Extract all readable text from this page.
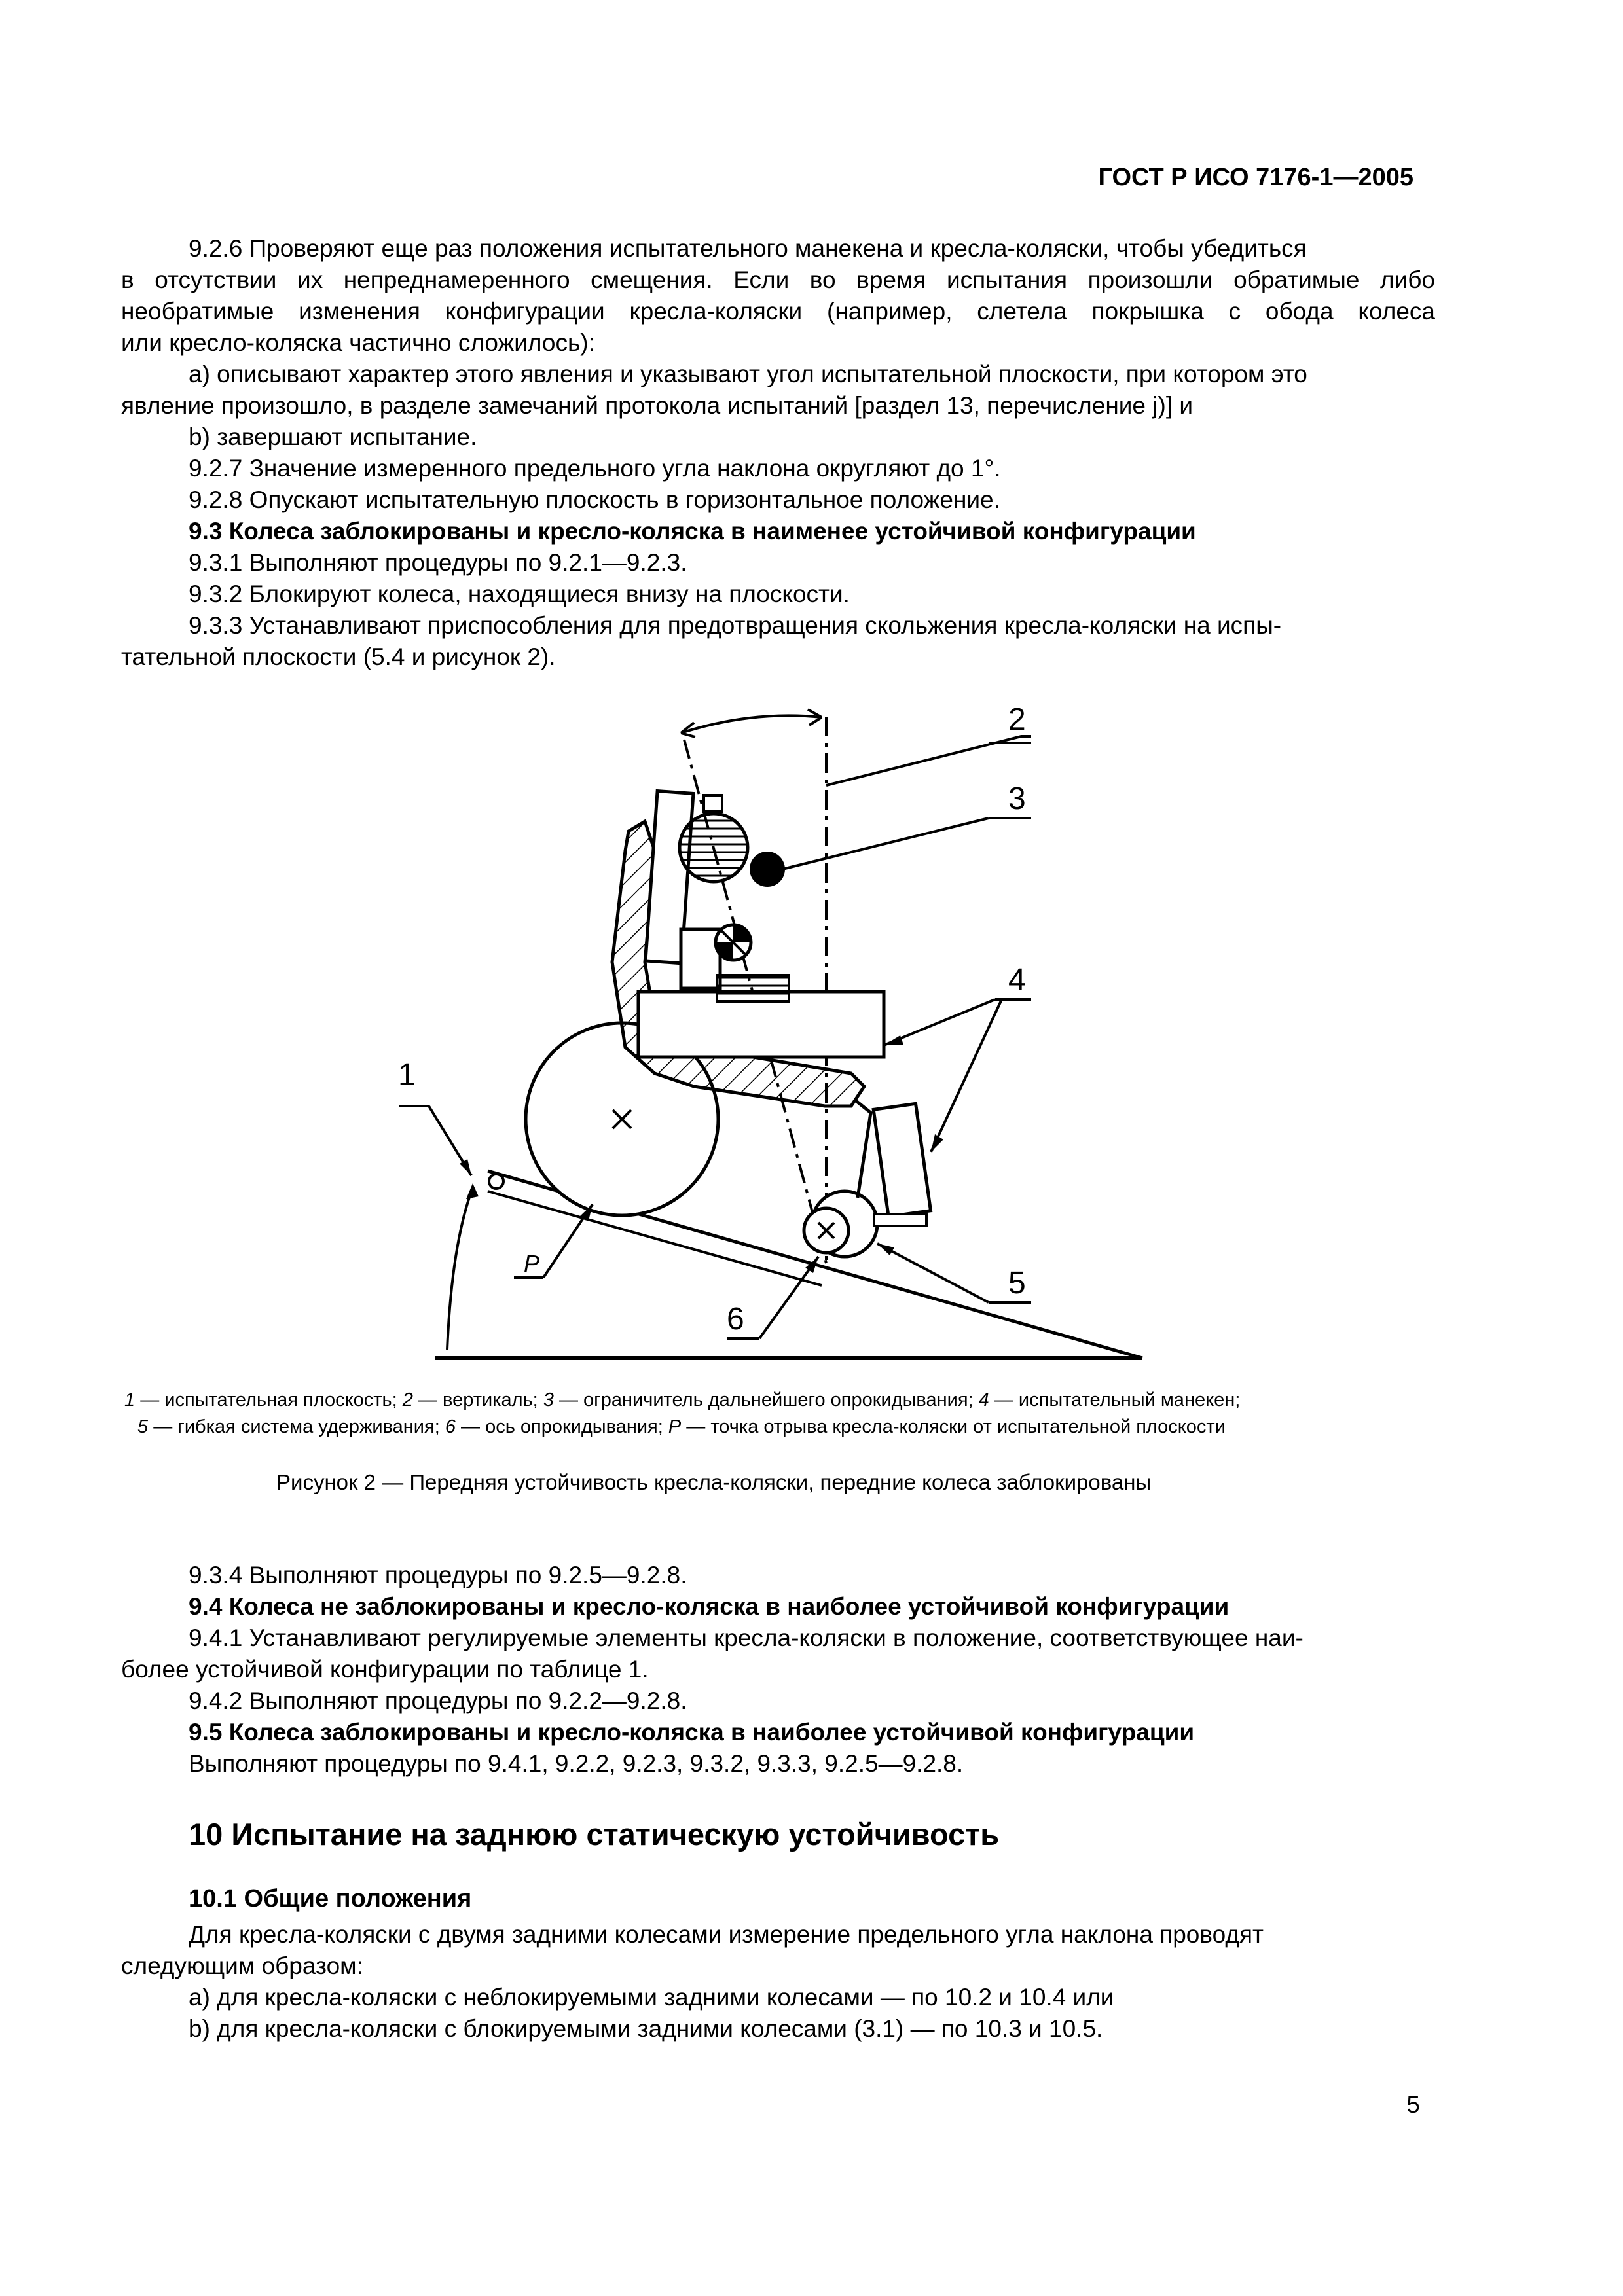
ГОСТ Р ИСО 7176-1—2005
9.2.6 Проверяют еще раз положения испытательного манекена и кресла-коляски, чтобы убедиться
в отсутствии их непреднамеренного смещения. Если во время испытания произошли обратимые либо
необратимые изменения конфигурации кресла-коляски (например, слетела покрышка с обода колеса
или кресло-коляска частично сложилось):
а) описывают характер этого явления и указывают угол испытательной плоскости, при котором это
явление произошло, в разделе замечаний протокола испытаний [раздел 13, перечисление j)] и
b) завершают испытание.
9.2.7 Значение измеренного предельного угла наклона округляют до 1°.
9.2.8 Опускают испытательную плоскость в горизонтальное положение.
9.3 Колеса заблокированы и кресло-коляска в наименее устойчивой конфигурации
9.3.1 Выполняют процедуры по 9.2.1—9.2.3.
9.3.2 Блокируют колеса, находящиеся внизу на плоскости.
9.3.3 Устанавливают приспособления для предотвращения скольжения кресла-коляски на испы-
тательной плоскости (5.4 и рисунок 2).
1
2
3
4
5
6
P
1 — испытательная плоскость; 2 — вертикаль; 3 — ограничитель дальнейшего опрокидывания; 4 — испытательный манекен;
5 — гибкая система удерживания; 6 — ось опрокидывания; P — точка отрыва кресла-коляски от испытательной плоскости
Рисунок 2 — Передняя устойчивость кресла-коляски, передние колеса заблокированы
9.3.4 Выполняют процедуры по 9.2.5—9.2.8.
9.4 Колеса не заблокированы и кресло-коляска в наиболее устойчивой конфигурации
9.4.1 Устанавливают регулируемые элементы кресла-коляски в положение, соответствующее наи-
более устойчивой конфигурации по таблице 1.
9.4.2 Выполняют процедуры по 9.2.2—9.2.8.
9.5 Колеса заблокированы и кресло-коляска в наиболее устойчивой конфигурации
Выполняют процедуры по 9.4.1, 9.2.2, 9.2.3, 9.3.2, 9.3.3, 9.2.5—9.2.8.
10 Испытание на заднюю статическую устойчивость
10.1 Общие положения
Для кресла-коляски с двумя задними колесами измерение предельного угла наклона проводят
следующим образом:
а) для кресла-коляски с неблокируемыми задними колесами — по 10.2 и 10.4 или
b) для кресла-коляски с блокируемыми задними колесами (3.1) — по 10.3 и 10.5.
5
